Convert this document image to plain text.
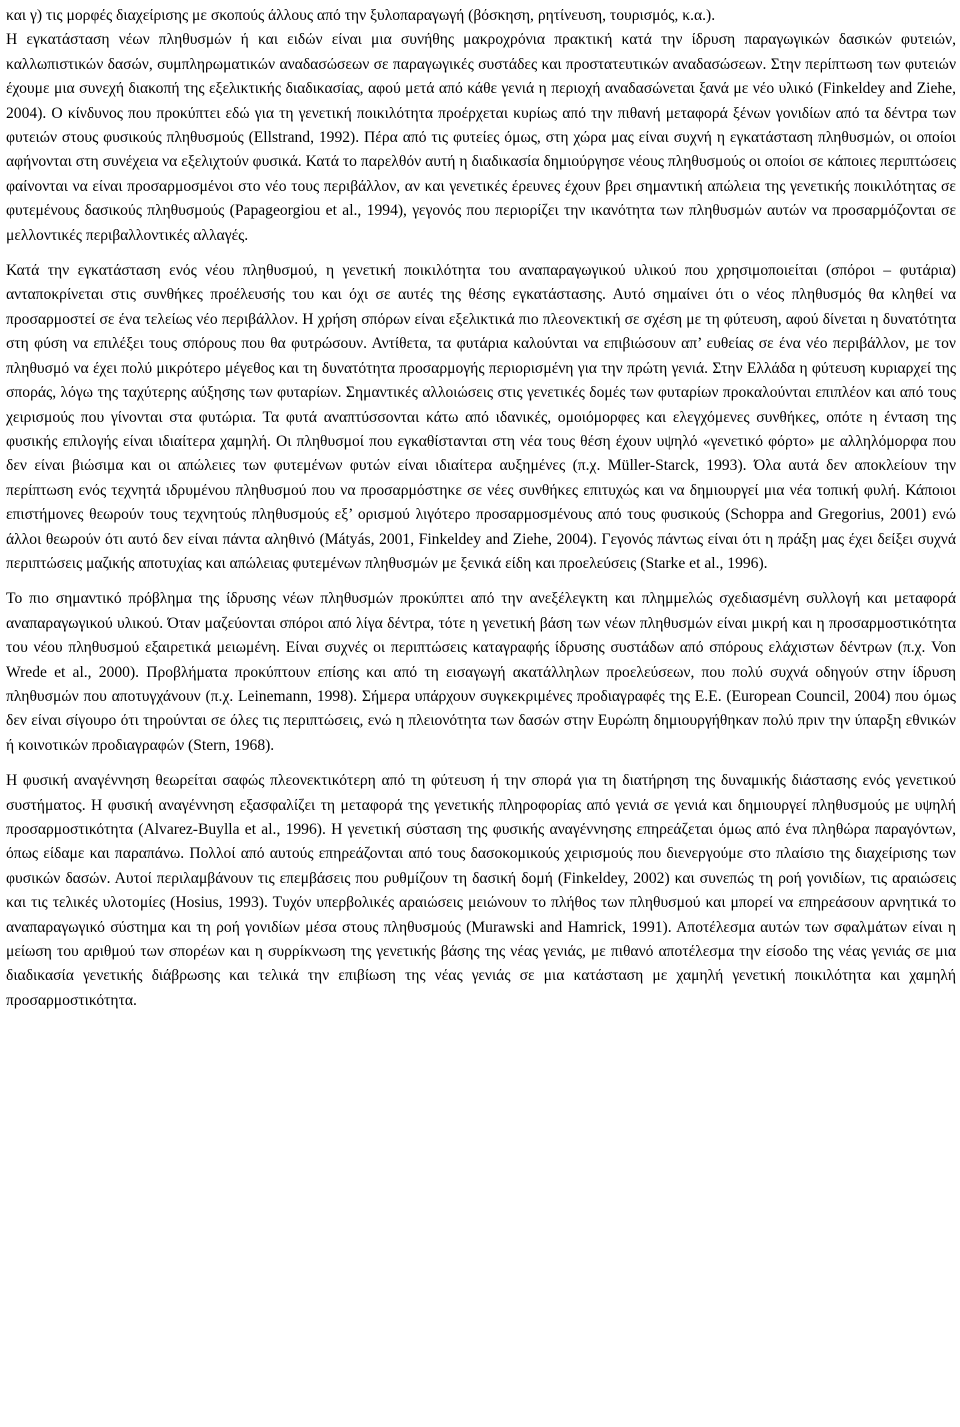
και γ) τις μορφές διαχείρισης με σκοπούς άλλους από την ξυλοπαραγωγή (βόσκηση, ρητίνευση, τουρισμός, κ.α.).

Η εγκατάσταση νέων πληθυσμών ή και ειδών είναι μια συνήθης μακροχρόνια πρακτική κατά την ίδρυση παραγωγικών δασικών φυτειών, καλλωπιστικών δασών, συμπληρωματικών αναδασώσεων σε παραγωγικές συστάδες και προστατευτικών αναδασώσεων. Στην περίπτωση των φυτειών έχουμε μια συνεχή διακοπή της εξελικτικής διαδικασίας, αφού μετά από κάθε γενιά η περιοχή αναδασώνεται ξανά με νέο υλικό (Finkeldey and Ziehe, 2004). Ο κίνδυνος που προκύπτει εδώ για τη γενετική ποικιλότητα προέρχεται κυρίως από την πιθανή μεταφορά ξένων γονιδίων από τα δέντρα των φυτειών στους φυσικούς πληθυσμούς (Ellstrand, 1992). Πέρα από τις φυτείες όμως, στη χώρα μας είναι συχνή η εγκατάσταση πληθυσμών, οι οποίοι αφήνονται στη συνέχεια να εξελιχτούν φυσικά. Κατά το παρελθόν αυτή η διαδικασία δημιούργησε νέους πληθυσμούς οι οποίοι σε κάποιες περιπτώσεις φαίνονται να είναι προσαρμοσμένοι στο νέο τους περιβάλλον, αν και γενετικές έρευνες έχουν βρει σημαντική απώλεια της γενετικής ποικιλότητας σε φυτεμένους δασικούς πληθυσμούς (Papageorgiou et al., 1994), γεγονός που περιορίζει την ικανότητα των πληθυσμών αυτών να προσαρμόζονται σε μελλοντικές περιβαλλοντικές αλλαγές.

Κατά την εγκατάσταση ενός νέου πληθυσμού, η γενετική ποικιλότητα του αναπαραγωγικού υλικού που χρησιμοποιείται (σπόροι – φυτάρια) ανταποκρίνεται στις συνθήκες προέλευσής του και όχι σε αυτές της θέσης εγκατάστασης. Αυτό σημαίνει ότι ο νέος πληθυσμός θα κληθεί να προσαρμοστεί σε ένα τελείως νέο περιβάλλον. Η χρήση σπόρων είναι εξελικτικά πιο πλεονεκτική σε σχέση με τη φύτευση, αφού δίνεται η δυνατότητα στη φύση να επιλέξει τους σπόρους που θα φυτρώσουν. Αντίθετα, τα φυτάρια καλούνται να επιβιώσουν απ’ ευθείας σε ένα νέο περιβάλλον, με τον πληθυσμό να έχει πολύ μικρότερο μέγεθος και τη δυνατότητα προσαρμογής περιορισμένη για την πρώτη γενιά. Στην Ελλάδα η φύτευση κυριαρχεί της σποράς, λόγω της ταχύτερης αύξησης των φυταρίων. Σημαντικές αλλοιώσεις στις γενετικές δομές των φυταρίων προκαλούνται επιπλέον και από τους χειρισμούς που γίνονται στα φυτώρια. Τα φυτά αναπτύσσονται κάτω από ιδανικές, ομοιόμορφες και ελεγχόμενες συνθήκες, οπότε η ένταση της φυσικής επιλογής είναι ιδιαίτερα χαμηλή. Οι πληθυσμοί που εγκαθίστανται στη νέα τους θέση έχουν υψηλό «γενετικό φόρτο» με αλληλόμορφα που δεν είναι βιώσιμα και οι απώλειες των φυτεμένων φυτών είναι ιδιαίτερα αυξημένες (π.χ. Müller-Starck, 1993). Όλα αυτά δεν αποκλείουν την περίπτωση ενός τεχνητά ιδρυμένου πληθυσμού που να προσαρμόστηκε σε νέες συνθήκες επιτυχώς και να δημιουργεί μια νέα τοπική φυλή. Κάποιοι επιστήμονες θεωρούν τους τεχνητούς πληθυσμούς εξ’ ορισμού λιγότερο προσαρμοσμένους από τους φυσικούς (Schoppa and Gregorius, 2001) ενώ άλλοι θεωρούν ότι αυτό δεν είναι πάντα αληθινό (Mátyás, 2001, Finkeldey and Ziehe, 2004). Γεγονός πάντως είναι ότι η πράξη μας έχει δείξει συχνά περιπτώσεις μαζικής αποτυχίας και απώλειας φυτεμένων πληθυσμών με ξενικά είδη και προελεύσεις (Starke et al., 1996).

Το πιο σημαντικό πρόβλημα της ίδρυσης νέων πληθυσμών προκύπτει από την ανεξέλεγκτη και πλημμελώς σχεδιασμένη συλλογή και μεταφορά αναπαραγωγικού υλικού. Όταν μαζεύονται σπόροι από λίγα δέντρα, τότε η γενετική βάση των νέων πληθυσμών είναι μικρή και η προσαρμοστικότητα του νέου πληθυσμού εξαιρετικά μειωμένη. Είναι συχνές οι περιπτώσεις καταγραφής ίδρυσης συστάδων από σπόρους ελάχιστων δέντρων (π.χ. Von Wrede et al., 2000). Προβλήματα προκύπτουν επίσης και από τη εισαγωγή ακατάλληλων προελεύσεων, που πολύ συχνά οδηγούν στην ίδρυση πληθυσμών που αποτυγχάνουν (π.χ. Leinemann, 1998). Σήμερα υπάρχουν συγκεκριμένες προδιαγραφές της Ε.Ε. (European Council, 2004) που όμως δεν είναι σίγουρο ότι τηρούνται σε όλες τις περιπτώσεις, ενώ η πλειονότητα των δασών στην Ευρώπη δημιουργήθηκαν πολύ πριν την ύπαρξη εθνικών ή κοινοτικών προδιαγραφών (Stern, 1968).

Η φυσική αναγέννηση θεωρείται σαφώς πλεονεκτικότερη από τη φύτευση ή την σπορά για τη διατήρηση της δυναμικής διάστασης ενός γενετικού συστήματος. Η φυσική αναγέννηση εξασφαλίζει τη μεταφορά της γενετικής πληροφορίας από γενιά σε γενιά και δημιουργεί πληθυσμούς με υψηλή προσαρμοστικότητα (Alvarez-Buylla et al., 1996). Η γενετική σύσταση της φυσικής αναγέννησης επηρεάζεται όμως από ένα πληθώρα παραγόντων, όπως είδαμε και παραπάνω. Πολλοί από αυτούς επηρεάζονται από τους δασοκομικούς χειρισμούς που διενεργούμε στο πλαίσιο της διαχείρισης των φυσικών δασών. Αυτοί περιλαμβάνουν τις επεμβάσεις που ρυθμίζουν τη δασική δομή (Finkeldey, 2002) και συνεπώς τη ροή γονιδίων, τις αραιώσεις και τις τελικές υλοτομίες (Hosius, 1993). Τυχόν υπερβολικές αραιώσεις μειώνουν το πλήθος των πληθυσμού και μπορεί να επηρεάσουν αρνητικά το αναπαραγωγικό σύστημα και τη ροή γονιδίων μέσα στους πληθυσμούς (Murawski and Hamrick, 1991). Αποτέλεσμα αυτών των σφαλμάτων είναι η μείωση του αριθμού των σπορέων και η συρρίκνωση της γενετικής βάσης της νέας γενιάς, με πιθανό αποτέλεσμα την είσοδο της νέας γενιάς σε μια διαδικασία γενετικής διάβρωσης και τελικά την επιβίωση της νέας γενιάς σε μια κατάσταση με χαμηλή γενετική ποικιλότητα και χαμηλή προσαρμοστικότητα.
